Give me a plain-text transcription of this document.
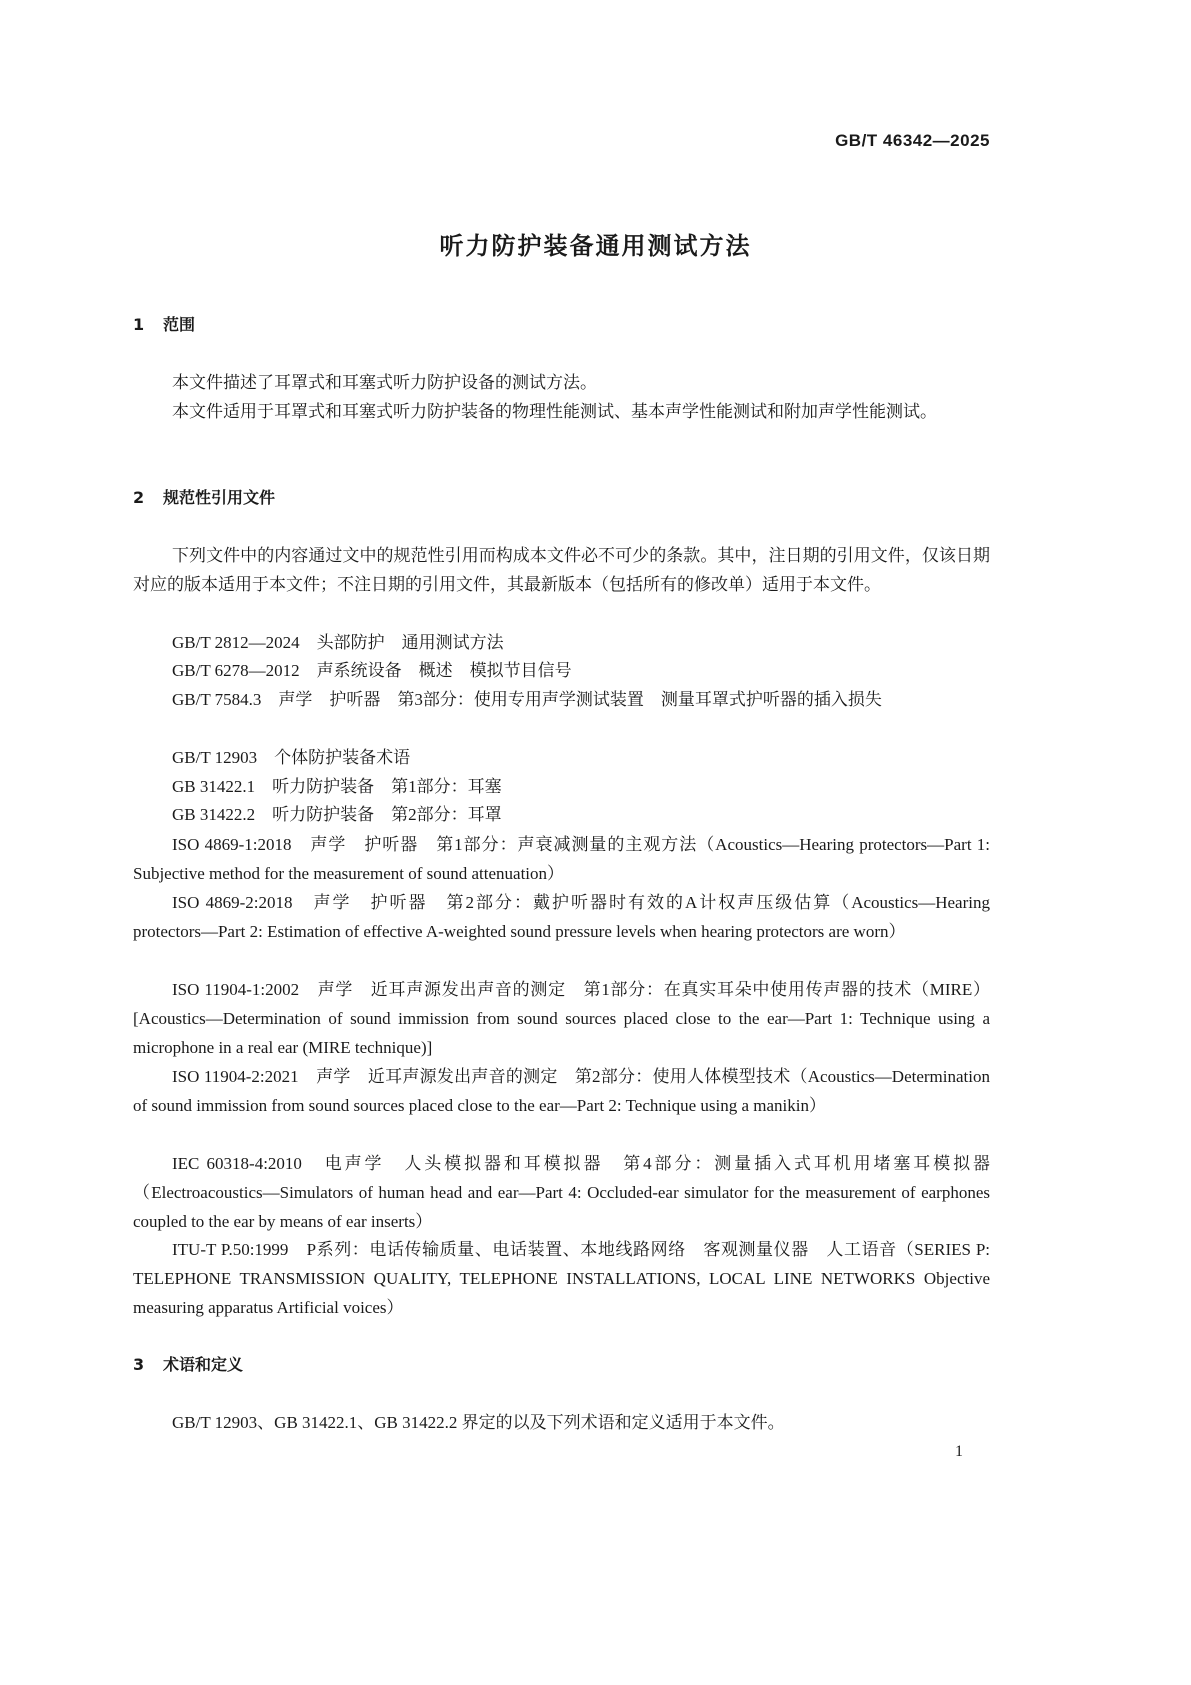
GB/T 46342—2025
听力防护装备通用测试方法
1 范围
本文件描述了耳罩式和耳塞式听力防护设备的测试方法。
本文件适用于耳罩式和耳塞式听力防护装备的物理性能测试、基本声学性能测试和附加声学性能测试。
2 规范性引用文件
下列文件中的内容通过文中的规范性引用而构成本文件必不可少的条款。其中，注日期的引用文件，仅该日期对应的版本适用于本文件；不注日期的引用文件，其最新版本（包括所有的修改单）适用于本文件。
GB/T 2812—2024　头部防护　通用测试方法
GB/T 6278—2012　声系统设备　概述　模拟节目信号
GB/T 7584.3　声学　护听器　第3部分：使用专用声学测试装置　测量耳罩式护听器的插入损失
GB/T 12903　个体防护装备术语
GB 31422.1　听力防护装备　第1部分：耳塞
GB 31422.2　听力防护装备　第2部分：耳罩
ISO 4869-1:2018　声学　护听器　第1部分：声衰减测量的主观方法（Acoustics—Hearing protectors—Part 1: Subjective method for the measurement of sound attenuation）
ISO 4869-2:2018　声学　护听器　第2部分：戴护听器时有效的A计权声压级估算（Acoustics—Hearing protectors—Part 2: Estimation of effective A-weighted sound pressure levels when hearing protectors are worn）
ISO 11904-1:2002　声学　近耳声源发出声音的测定　第1部分：在真实耳朵中使用传声器的技术（MIRE）[Acoustics—Determination of sound immission from sound sources placed close to the ear—Part 1: Technique using a microphone in a real ear (MIRE technique)]
ISO 11904-2:2021　声学　近耳声源发出声音的测定　第2部分：使用人体模型技术（Acoustics—Determination of sound immission from sound sources placed close to the ear—Part 2: Technique using a manikin）
IEC 60318-4:2010　电声学　人头模拟器和耳模拟器　第4部分：测量插入式耳机用堵塞耳模拟器（Electroacoustics—Simulators of human head and ear—Part 4: Occluded-ear simulator for the measurement of earphones coupled to the ear by means of ear inserts）
ITU-T P.50:1999　P系列：电话传输质量、电话装置、本地线路网络　客观测量仪器　人工语音（SERIES P: TELEPHONE TRANSMISSION QUALITY, TELEPHONE INSTALLATIONS, LOCAL LINE NETWORKS Objective measuring apparatus Artificial voices）
3 术语和定义
GB/T 12903、GB 31422.1、GB 31422.2 界定的以及下列术语和定义适用于本文件。
1
